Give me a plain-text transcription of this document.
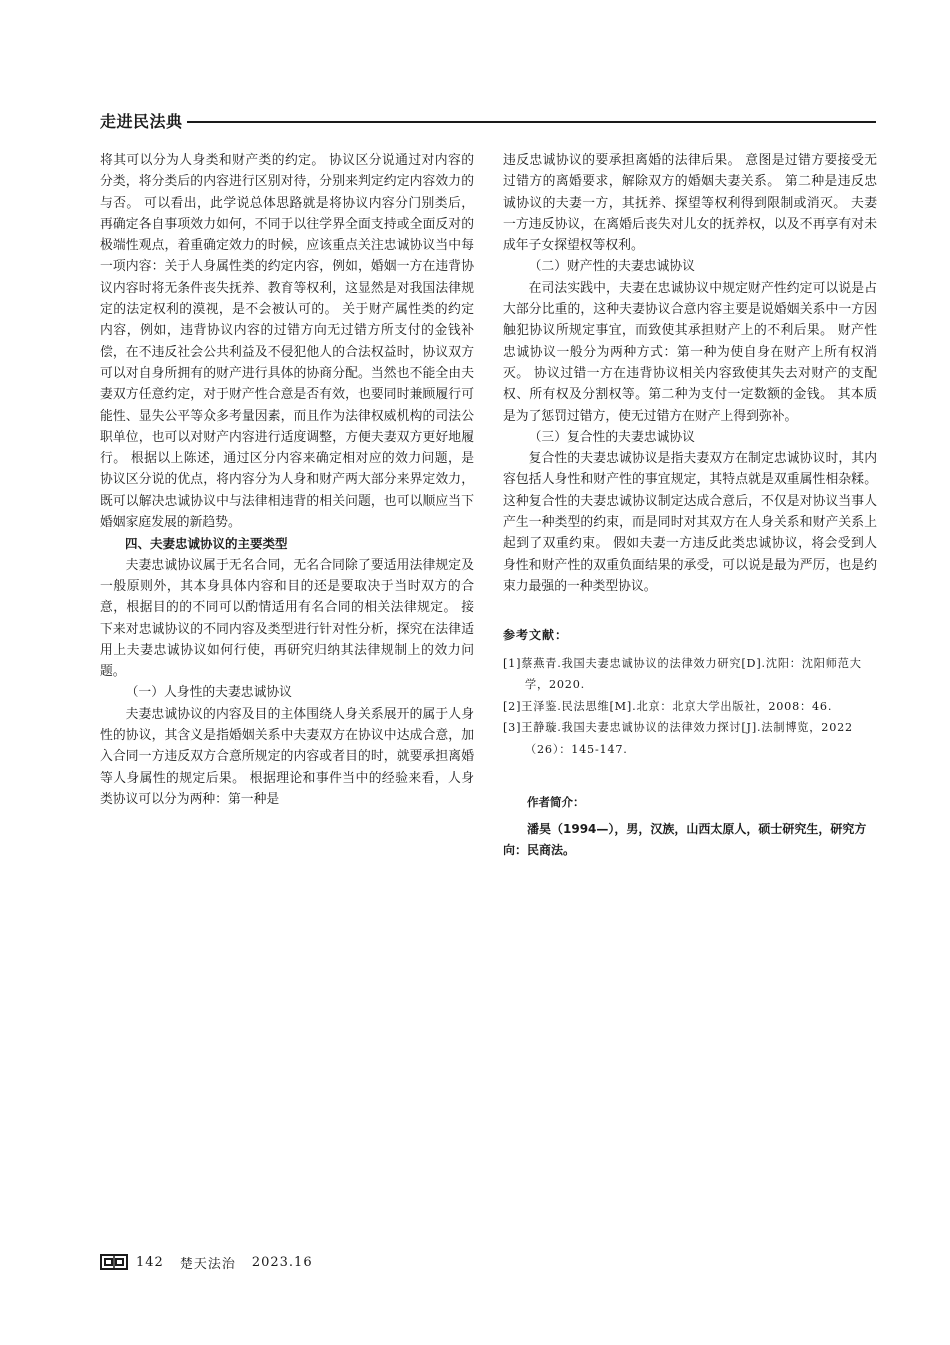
走进民法典

将其可以分为人身类和财产类的约定。 协议区分说通过对内容的分类，将分类后的内容进行区别对待，分别来判定约定内容效力的与否。 可以看出，此学说总体思路就是将协议内容分门别类后，再确定各自事项效力如何，不同于以往学界全面支持或全面反对的极端性观点，着重确定效力的时候，应该重点关注忠诚协议当中每一项内容：关于人身属性类的约定内容，例如，婚姻一方在违背协议内容时将无条件丧失抚养、教育等权利，这显然是对我国法律规定的法定权利的漠视，是不会被认可的。 关于财产属性类的约定内容，例如，违背协议内容的过错方向无过错方所支付的金钱补偿，在不违反社会公共利益及不侵犯他人的合法权益时，协议双方可以对自身所拥有的财产进行具体的协商分配。当然也不能全由夫妻双方任意约定，对于财产性合意是否有效，也要同时兼顾履行可能性、显失公平等众多考量因素，而且作为法律权威机构的司法公职单位，也可以对财产内容进行适度调整，方便夫妻双方更好地履行。 根据以上陈述，通过区分内容来确定相对应的效力问题，是协议区分说的优点，将内容分为人身和财产两大部分来界定效力，既可以解决忠诚协议中与法律相违背的相关问题，也可以顺应当下婚姻家庭发展的新趋势。

四、夫妻忠诚协议的主要类型

夫妻忠诚协议属于无名合同，无名合同除了要适用法律规定及一般原则外，其本身具体内容和目的还是要取决于当时双方的合意，根据目的的不同可以酌情适用有名合同的相关法律规定。 接下来对忠诚协议的不同内容及类型进行针对性分析，探究在法律适用上夫妻忠诚协议如何行使，再研究归纳其法律规制上的效力问题。

（一）人身性的夫妻忠诚协议

夫妻忠诚协议的内容及目的主体围绕人身关系展开的属于人身性的协议，其含义是指婚姻关系中夫妻双方在协议中达成合意，加入合同一方违反双方合意所规定的内容或者目的时，就要承担离婚等人身属性的规定后果。 根据理论和事件当中的经验来看，人身类协议可以分为两种：第一种是

违反忠诚协议的要承担离婚的法律后果。 意图是过错方要接受无过错方的离婚要求，解除双方的婚姻夫妻关系。 第二种是违反忠诚协议的夫妻一方，其抚养、探望等权利得到限制或消灭。 夫妻一方违反协议，在离婚后丧失对儿女的抚养权，以及不再享有对未成年子女探望权等权利。

（二）财产性的夫妻忠诚协议

在司法实践中，夫妻在忠诚协议中规定财产性约定可以说是占大部分比重的，这种夫妻协议合意内容主要是说婚姻关系中一方因触犯协议所规定事宜，而致使其承担财产上的不利后果。 财产性忠诚协议一般分为两种方式：第一种为使自身在财产上所有权消灭。 协议过错一方在违背协议相关内容致使其失去对财产的支配权、所有权及分割权等。第二种为支付一定数额的金钱。 其本质是为了惩罚过错方，使无过错方在财产上得到弥补。

（三）复合性的夫妻忠诚协议

复合性的夫妻忠诚协议是指夫妻双方在制定忠诚协议时，其内容包括人身性和财产性的事宜规定，其特点就是双重属性相杂糅。 这种复合性的夫妻忠诚协议制定达成合意后，不仅是对协议当事人产生一种类型的约束，而是同时对其双方在人身关系和财产关系上起到了双重约束。 假如夫妻一方违反此类忠诚协议，将会受到人身性和财产性的双重负面结果的承受，可以说是最为严厉，也是约束力最强的一种类型协议。

参考文献：

[1]蔡燕青.我国夫妻忠诚协议的法律效力研究[D].沈阳：沈阳师范大学，2020.

[2]王泽鉴.民法思维[M].北京：北京大学出版社，2008：46.

[3]王静璇.我国夫妻忠诚协议的法律效力探讨[J].法制博览，2022（26）：145-147.

作者简介：

潘昊（1994—），男，汉族，山西太原人，硕士研究生，研究方向：民商法。

142 楚天法治 2023.16
